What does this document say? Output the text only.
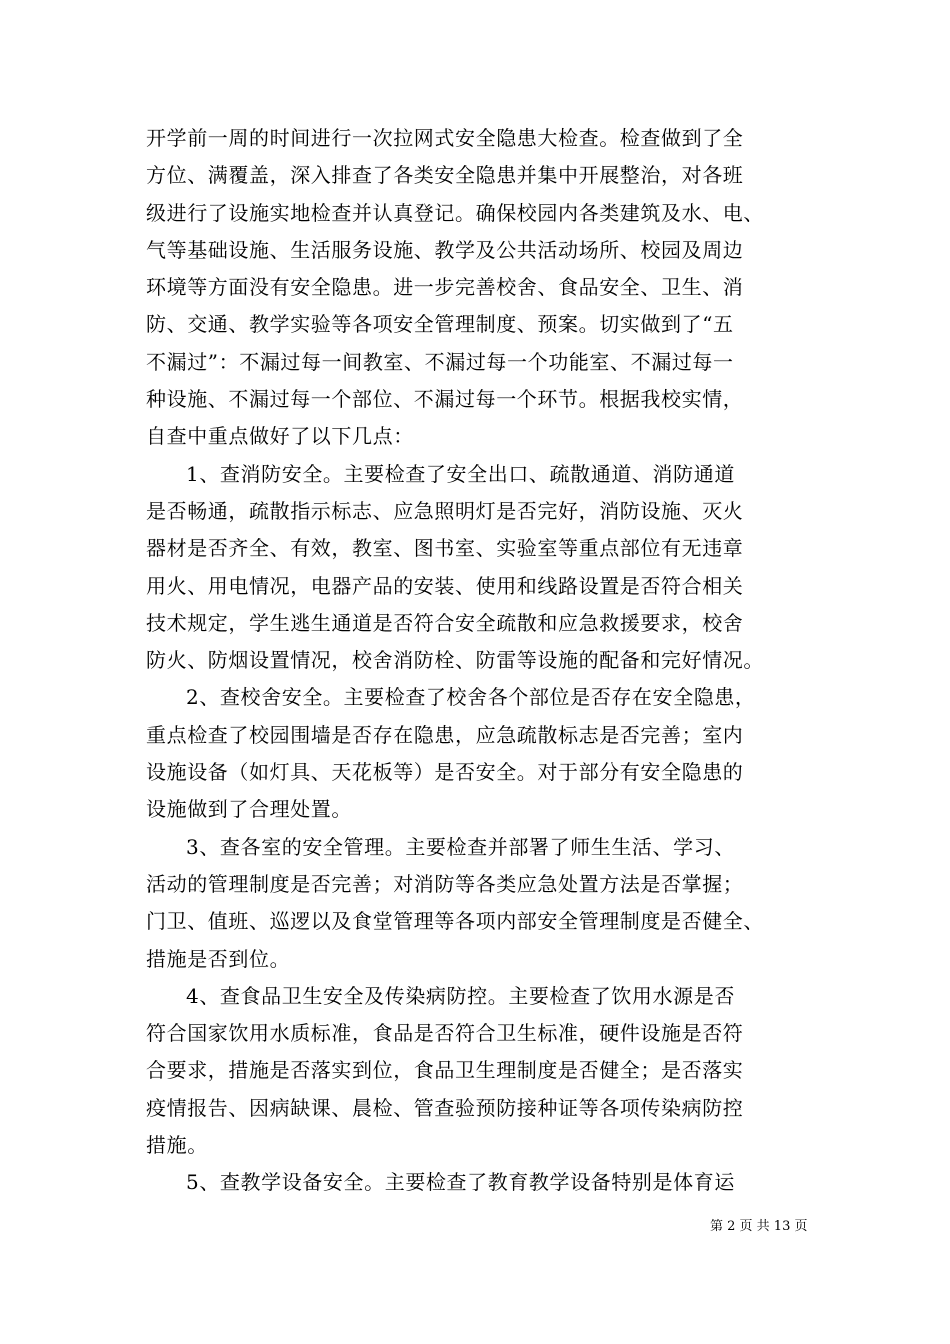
开学前一周的时间进行一次拉网式安全隐患大检查。检查做到了全
方位、满覆盖，深入排查了各类安全隐患并集中开展整治，对各班
级进行了设施实地检查并认真登记。确保校园内各类建筑及水、电、
气等基础设施、生活服务设施、教学及公共活动场所、校园及周边
环境等方面没有安全隐患。进一步完善校舍、食品安全、卫生、消
防、交通、教学实验等各项安全管理制度、预案。切实做到了“五
不漏过”：不漏过每一间教室、不漏过每一个功能室、不漏过每一
种设施、不漏过每一个部位、不漏过每一个环节。根据我校实情，
自查中重点做好了以下几点：
1、查消防安全。主要检查了安全出口、疏散通道、消防通道
是否畅通，疏散指示标志、应急照明灯是否完好，消防设施、灭火
器材是否齐全、有效，教室、图书室、实验室等重点部位有无违章
用火、用电情况，电器产品的安装、使用和线路设置是否符合相关
技术规定，学生逃生通道是否符合安全疏散和应急救援要求，校舍
防火、防烟设置情况，校舍消防栓、防雷等设施的配备和完好情况。
2、查校舍安全。主要检查了校舍各个部位是否存在安全隐患，
重点检查了校园围墙是否存在隐患，应急疏散标志是否完善；室内
设施设备（如灯具、天花板等）是否安全。对于部分有安全隐患的
设施做到了合理处置。
3、查各室的安全管理。主要检查并部署了师生生活、学习、
活动的管理制度是否完善；对消防等各类应急处置方法是否掌握；
门卫、值班、巡逻以及食堂管理等各项内部安全管理制度是否健全、
措施是否到位。
4、查食品卫生安全及传染病防控。主要检查了饮用水源是否
符合国家饮用水质标准，食品是否符合卫生标准，硬件设施是否符
合要求，措施是否落实到位，食品卫生理制度是否健全；是否落实
疫情报告、因病缺课、晨检、管查验预防接种证等各项传染病防控
措施。
5、查教学设备安全。主要检查了教育教学设备特别是体育运
第 2 页 共 13 页
